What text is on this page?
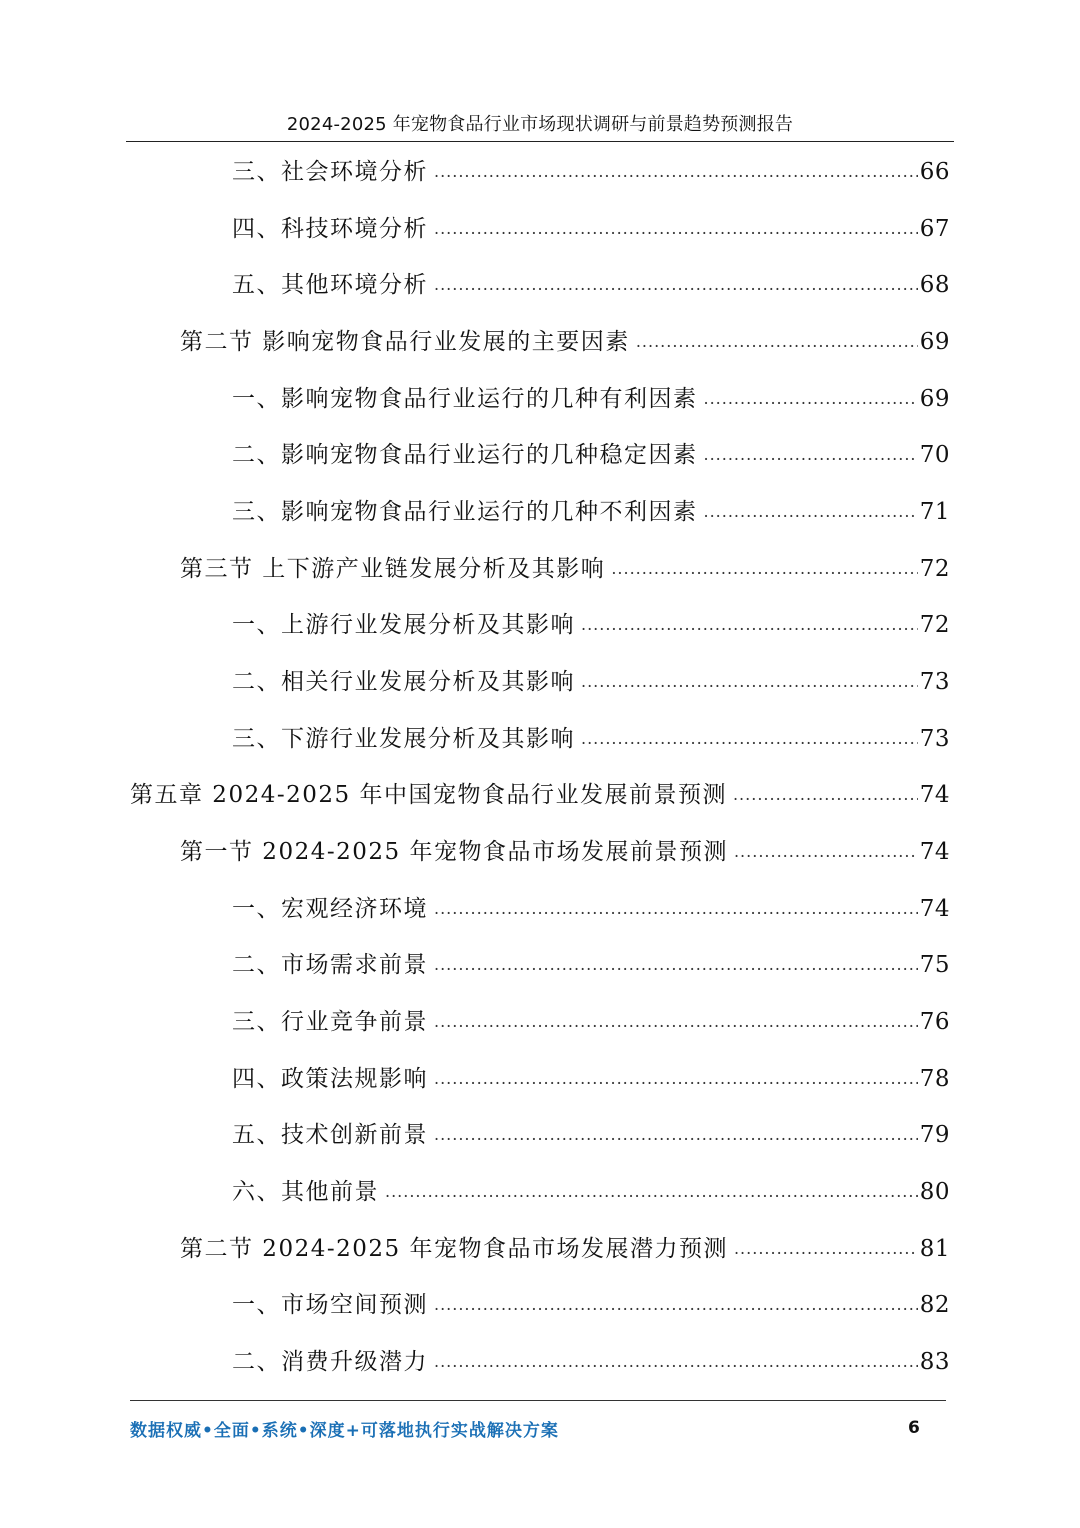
2024-2025 年宠物食品行业市场现状调研与前景趋势预测报告
三、社会环境分析 .....	66
四、科技环境分析 .....	67
五、其他环境分析 .....	68
第二节 影响宠物食品行业发展的主要因素 .....	69
一、影响宠物食品行业运行的几种有利因素 .....	69
二、影响宠物食品行业运行的几种稳定因素 .....	70
三、影响宠物食品行业运行的几种不利因素 .....	71
第三节 上下游产业链发展分析及其影响 .....	72
一、上游行业发展分析及其影响 .....	72
二、相关行业发展分析及其影响 .....	73
三、下游行业发展分析及其影响 .....	73
第五章 2024-2025 年中国宠物食品行业发展前景预测 .....	74
第一节 2024-2025 年宠物食品市场发展前景预测 .....	74
一、宏观经济环境 .....	74
二、市场需求前景 .....	75
三、行业竞争前景 .....	76
四、政策法规影响 .....	78
五、技术创新前景 .....	79
六、其他前景 .....	80
第二节 2024-2025 年宠物食品市场发展潜力预测 .....	81
一、市场空间预测 .....	82
二、消费升级潜力 .....	83
数据权威•全面•系统•深度+可落地执行实战解决方案	6
